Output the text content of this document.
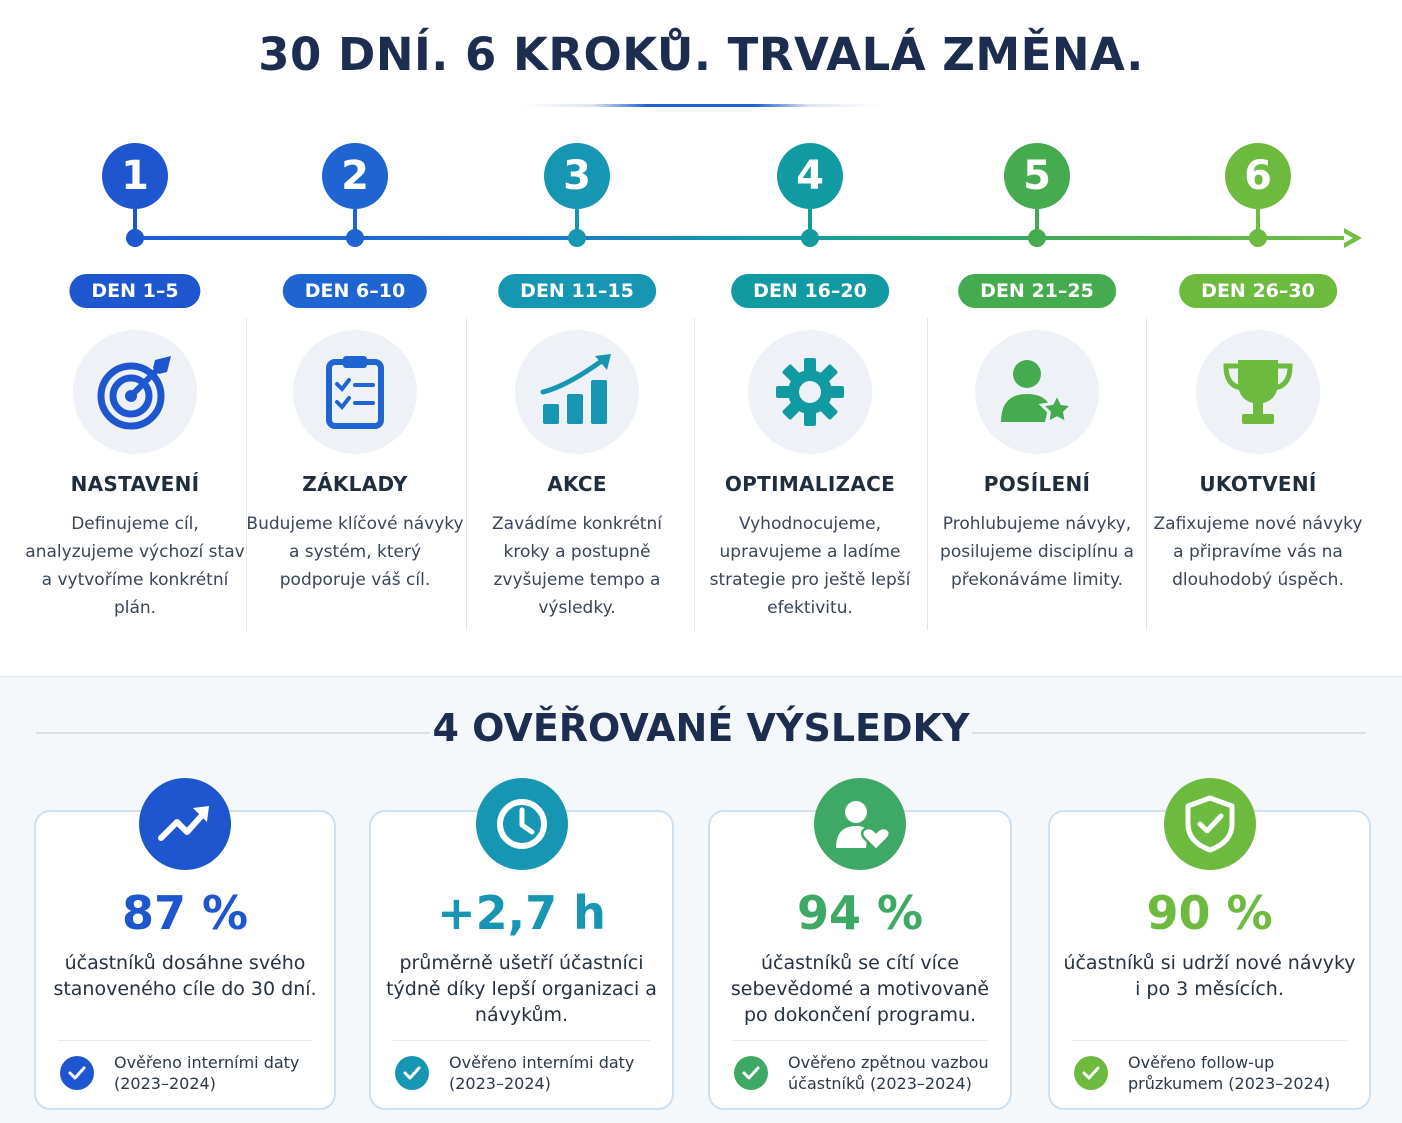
30 DNÍ. 6 KROKŮ. TRVALÁ ZMĚNA.
1
DEN 1–5
NASTAVENÍ
Definujeme cíl, analyzujeme výchozí stav a vytvoříme konkrétní plán.
2
DEN 6–10
ZÁKLADY
Budujeme klíčové návyky a systém, který podporuje váš cíl.
3
DEN 11–15
AKCE
Zavádíme konkrétní kroky a postupně zvyšujeme tempo a výsledky.
4
DEN 16–20
OPTIMALIZACE
Vyhodnocujeme, upravujeme a ladíme strategie pro ještě lepší efektivitu.
5
DEN 21–25
POSÍLENÍ
Prohlubujeme návyky, posilujeme disciplínu a překonáváme limity.
6
DEN 26–30
UKOTVENÍ
Zafixujeme nové návyky a připravíme vás na dlouhodobý úspěch.
4 OVĚŘOVANÉ VÝSLEDKY
87 %
účastníků dosáhne svého stanoveného cíle do 30 dní.
Ověřeno interními daty (2023–2024)
+2,7 h
průměrně ušetří účastníci týdně díky lepší organizaci a návykům.
Ověřeno interními daty (2023–2024)
94 %
účastníků se cítí více sebevědomé a motivovaně po dokončení programu.
Ověřeno zpětnou vazbou účastníků (2023–2024)
90 %
účastníků si udrží nové návyky i po 3 měsících.
Ověřeno follow-up průzkumem (2023–2024)
